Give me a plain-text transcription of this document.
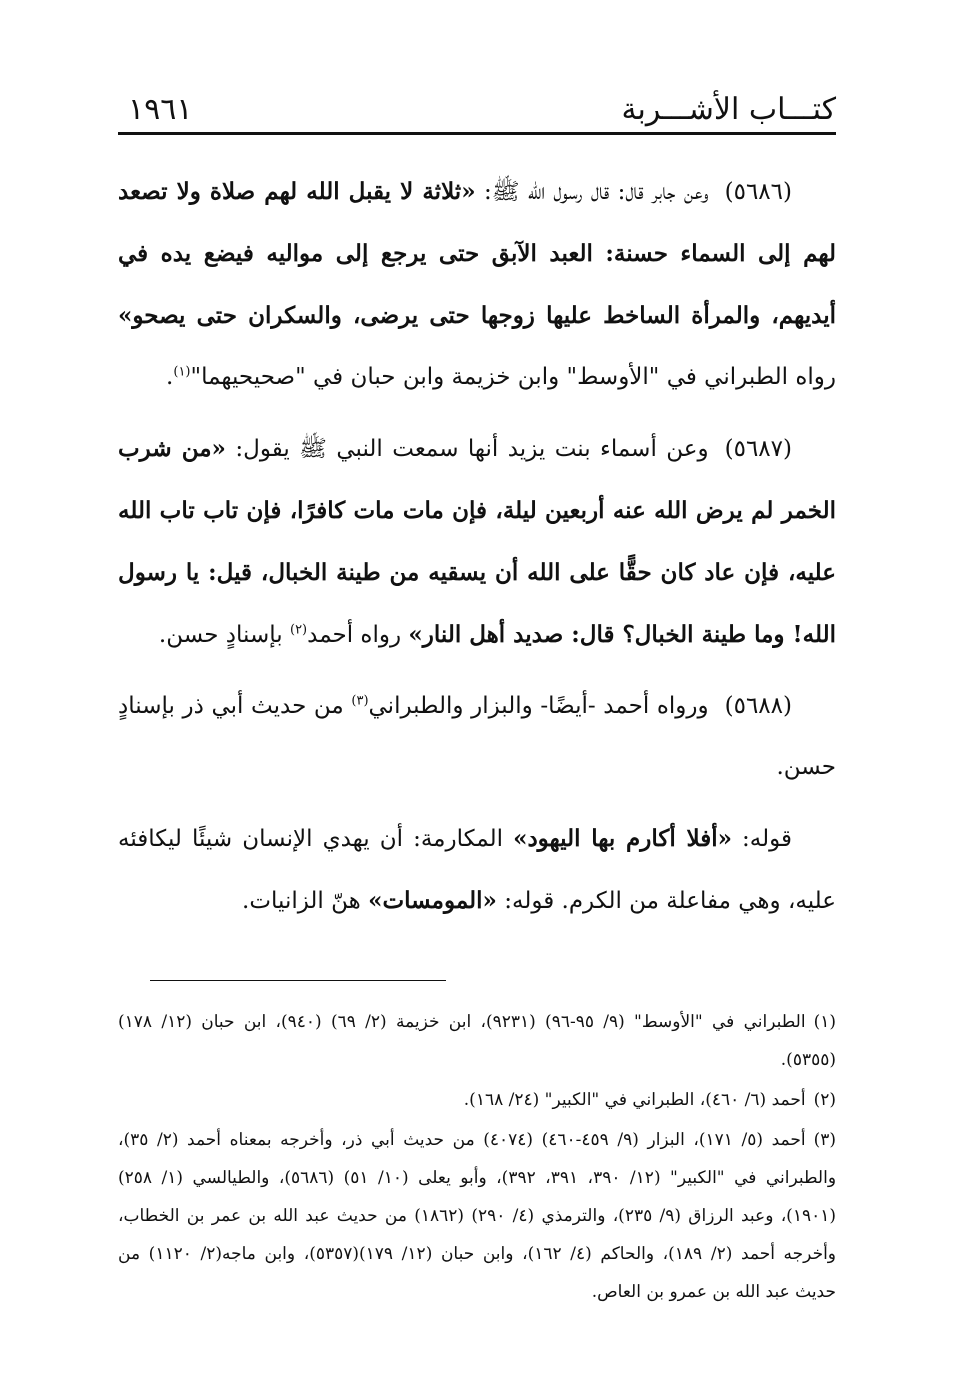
كتـــاب الأشـــربة
١٩٦١

(٥٦٨٦)وعن جابر قال: قال رسول الله ﷺ: «ثلاثة لا يقبل الله لهم صلاة ولا تصعد لهم إلى السماء حسنة: العبد الآبق حتى يرجع إلى مواليه فيضع يده في أيديهم، والمرأة الساخط عليها زوجها حتى يرضى، والسكران حتى يصحو» رواه الطبراني في "الأوسط" وابن خزيمة وابن حبان في "صحيحيهما"$^{(١)}$.

(٥٦٨٧)وعن أسماء بنت يزيد أنها سمعت النبي ﷺ يقول: «من شرب الخمر لم يرض الله عنه أربعين ليلة، فإن مات مات كافرًا، فإن تاب تاب الله عليه، فإن عاد كان حقًّا على الله أن يسقيه من طينة الخبال، قيل: يا رسول الله! وما طينة الخبال؟ قال: صديد أهل النار» رواه أحمد$^{(٢)}$ بإسنادٍ حسن.

(٥٦٨٨)ورواه أحمد -أيضًا- والبزار والطبراني$^{(٣)}$ من حديث أبي ذر بإسنادٍ حسن.

قوله: «أفلا أكارم بها اليهود» المكارمة: أن يهدي الإنسان شيئًا ليكافئه عليه، وهي مفاعلة من الكرم. قوله: «المومسات» هنّ الزانيات.

(١)الطبراني في "الأوسط" (٩/ ٩٥-٩٦) (٩٢٣١)، ابن خزيمة (٢/ ٦٩) (٩٤٠)، ابن حبان (١٢/ ١٧٨) (٥٣٥٥).

(٢)أحمد (٦/ ٤٦٠)، الطبراني في "الكبير" (٢٤/ ١٦٨).

(٣)أحمد (٥/ ١٧١)، البزار (٩/ ٤٥٩-٤٦٠) (٤٠٧٤) من حديث أبي ذر، وأخرجه بمعناه أحمد (٢/ ٣٥)، والطبراني في "الكبير" (١٢/ ٣٩٠، ٣٩١، ٣٩٢)، وأبو يعلى (١٠/ ٥١) (٥٦٨٦)، والطيالسي (١/ ٢٥٨) (١٩٠١)، وعبد الرزاق (٩/ ٢٣٥)، والترمذي (٤/ ٢٩٠) (١٨٦٢) من حديث عبد الله بن عمر بن الخطاب، وأخرجه أحمد (٢/ ١٨٩)، والحاكم (٤/ ١٦٢)، وابن حبان (١٢/ ١٧٩)(٥٣٥٧)، وابن ماجه(٢/ ١١٢٠) من حديث عبد الله بن عمرو بن العاص.
